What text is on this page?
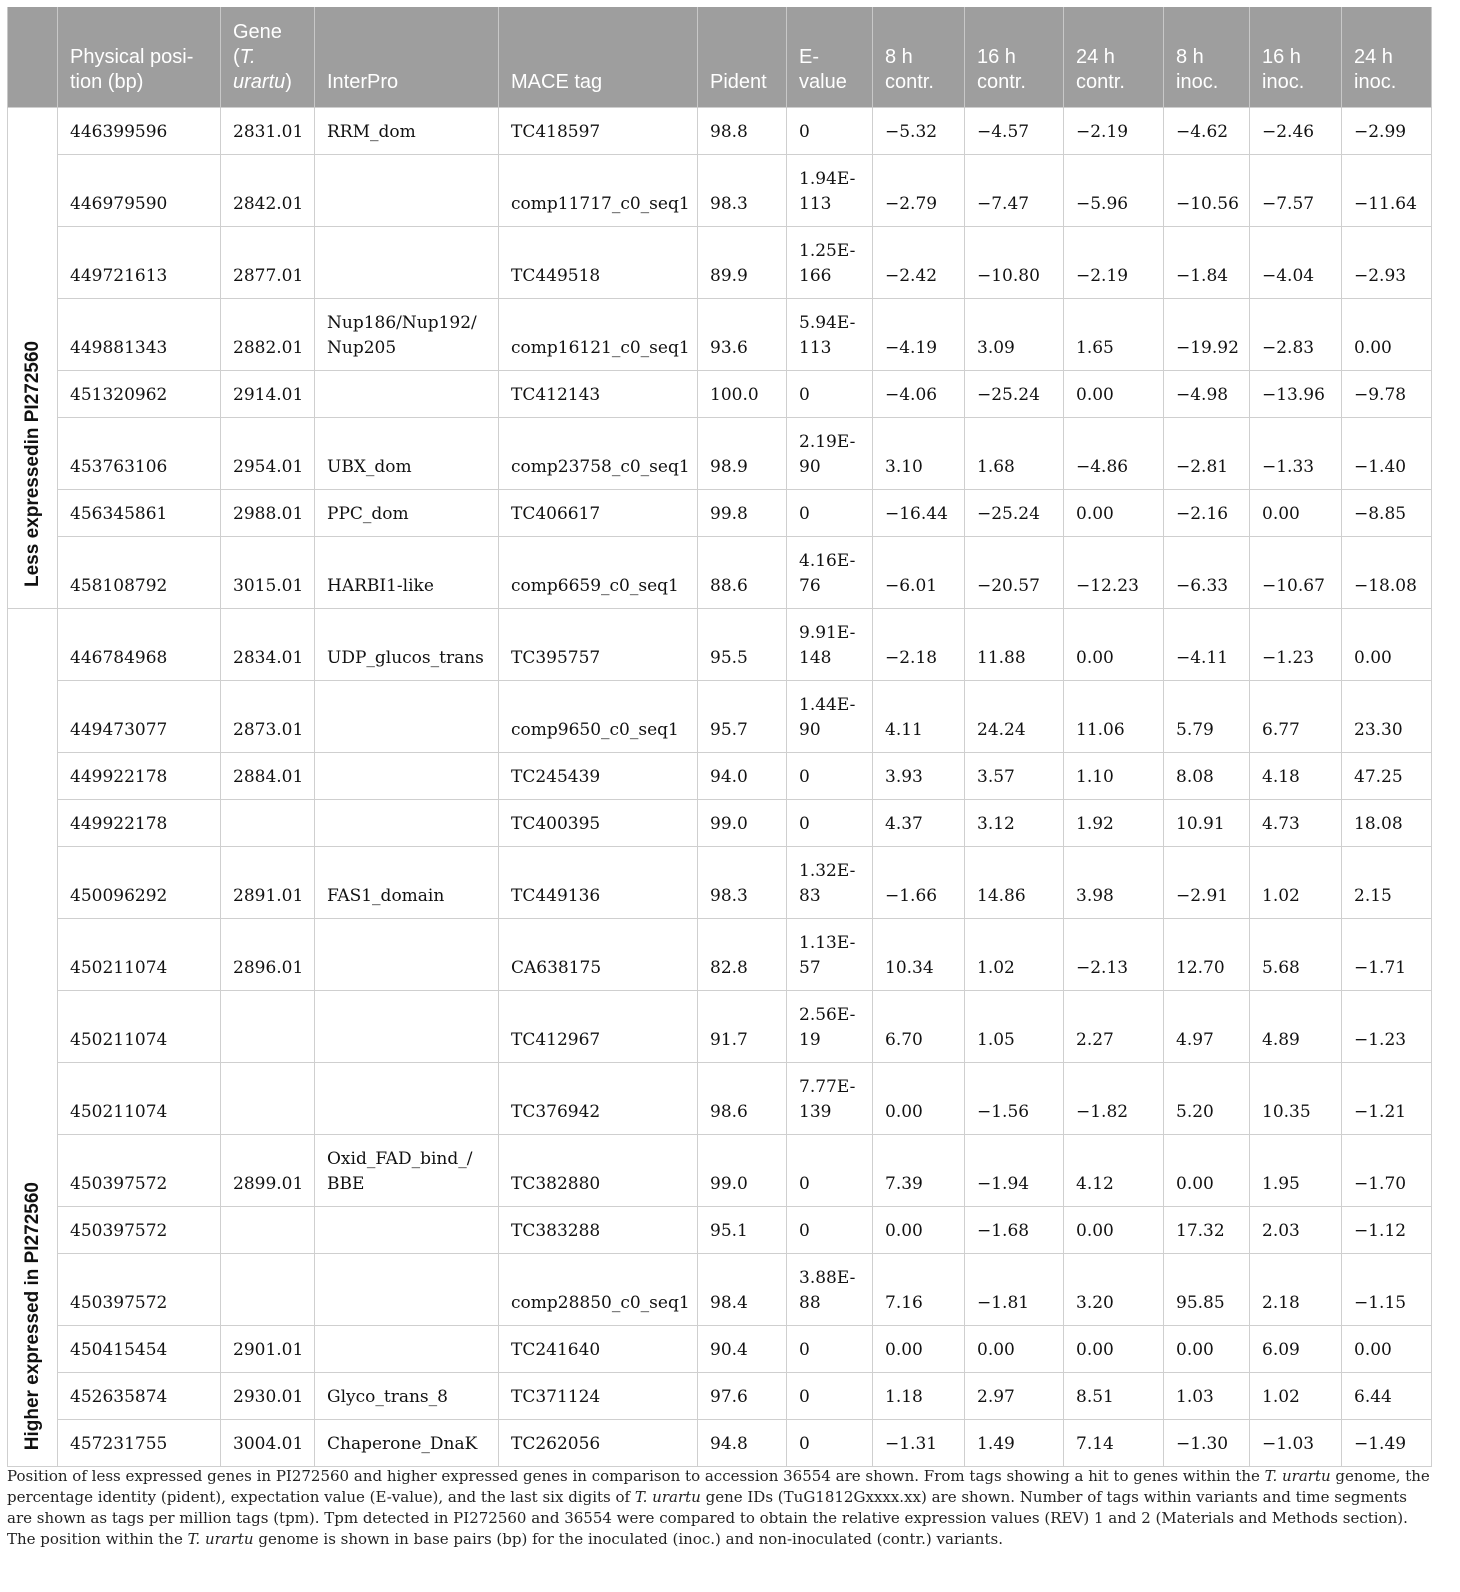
	Physical posi-tion (bp)	Gene (T. urartu)	InterPro	MACE tag	Pident	E-value	8 h contr.	16 h contr.	24 h contr.	8 h inoc.	16 h inoc.	24 h inoc.
Less expressedin PI272560	446399596	2831.01	RRM_dom	TC418597	98.8	0	−5.32	−4.57	−2.19	−4.62	−2.46	−2.99
	446979590	2842.01		comp11717_c0_seq1	98.3	1.94E-113	−2.79	−7.47	−5.96	−10.56	−7.57	−11.64
	449721613	2877.01		TC449518	89.9	1.25E-166	−2.42	−10.80	−2.19	−1.84	−4.04	−2.93
	449881343	2882.01	Nup186/Nup192/ Nup205	comp16121_c0_seq1	93.6	5.94E-113	−4.19	3.09	1.65	−19.92	−2.83	0.00
	451320962	2914.01		TC412143	100.0	0	−4.06	−25.24	0.00	−4.98	−13.96	−9.78
	453763106	2954.01	UBX_dom	comp23758_c0_seq1	98.9	2.19E-90	3.10	1.68	−4.86	−2.81	−1.33	−1.40
	456345861	2988.01	PPC_dom	TC406617	99.8	0	−16.44	−25.24	0.00	−2.16	0.00	−8.85
	458108792	3015.01	HARBI1-like	comp6659_c0_seq1	88.6	4.16E-76	−6.01	−20.57	−12.23	−6.33	−10.67	−18.08
Higher expressed in PI272560	446784968	2834.01	UDP_glucos_trans	TC395757	95.5	9.91E-148	−2.18	11.88	0.00	−4.11	−1.23	0.00
	449473077	2873.01		comp9650_c0_seq1	95.7	1.44E-90	4.11	24.24	11.06	5.79	6.77	23.30
	449922178	2884.01		TC245439	94.0	0	3.93	3.57	1.10	8.08	4.18	47.25
	449922178			TC400395	99.0	0	4.37	3.12	1.92	10.91	4.73	18.08
	450096292	2891.01	FAS1_domain	TC449136	98.3	1.32E-83	−1.66	14.86	3.98	−2.91	1.02	2.15
	450211074	2896.01		CA638175	82.8	1.13E-57	10.34	1.02	−2.13	12.70	5.68	−1.71
	450211074			TC412967	91.7	2.56E-19	6.70	1.05	2.27	4.97	4.89	−1.23
	450211074			TC376942	98.6	7.77E-139	0.00	−1.56	−1.82	5.20	10.35	−1.21
	450397572	2899.01	Oxid_FAD_bind_/ BBE	TC382880	99.0	0	7.39	−1.94	4.12	0.00	1.95	−1.70
	450397572			TC383288	95.1	0	0.00	−1.68	0.00	17.32	2.03	−1.12
	450397572			comp28850_c0_seq1	98.4	3.88E-88	7.16	−1.81	3.20	95.85	2.18	−1.15
	450415454	2901.01		TC241640	90.4	0	0.00	0.00	0.00	0.00	6.09	0.00
	452635874	2930.01	Glyco_trans_8	TC371124	97.6	0	1.18	2.97	8.51	1.03	1.02	6.44
	457231755	3004.01	Chaperone_DnaK	TC262056	94.8	0	−1.31	1.49	7.14	−1.30	−1.03	−1.49
Position of less expressed genes in PI272560 and higher expressed genes in comparison to accession 36554 are shown. From tags showing a hit to genes within the T. urartu genome, the percentage identity (pident), expectation value (E-value), and the last six digits of T. urartu gene IDs (TuG1812Gxxxx.xx) are shown. Number of tags within variants and time segments are shown as tags per million tags (tpm). Tpm detected in PI272560 and 36554 were compared to obtain the relative expression values (REV) 1 and 2 (Materials and Methods section). The position within the T. urartu genome is shown in base pairs (bp) for the inoculated (inoc.) and non-inoculated (contr.) variants.
